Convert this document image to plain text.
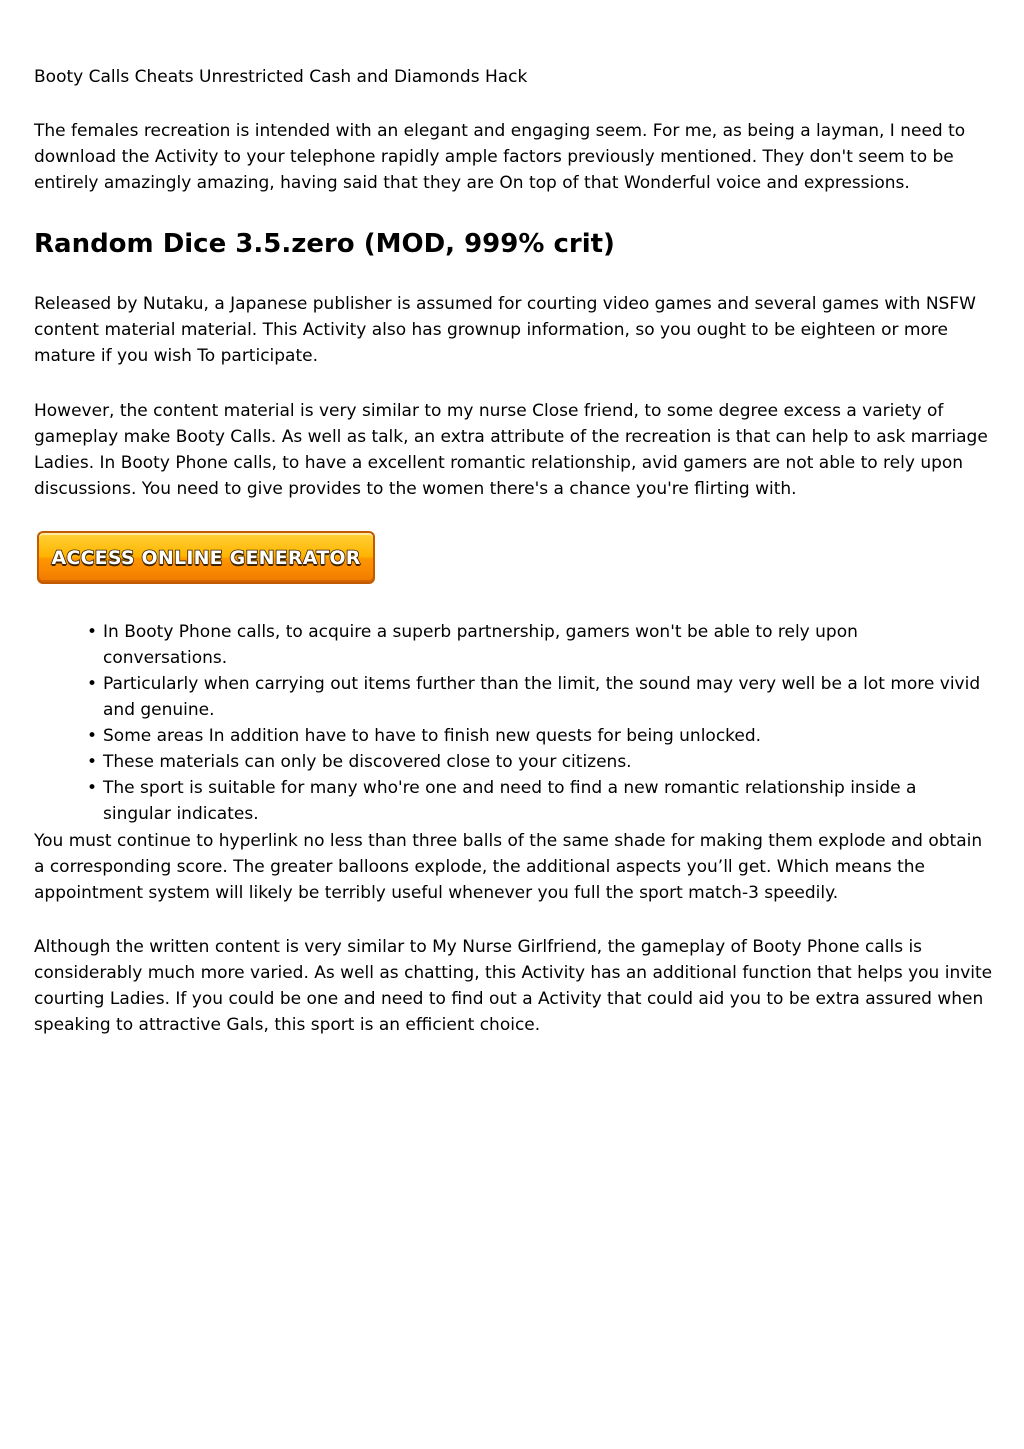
Booty Calls Cheats Unrestricted Cash and Diamonds Hack

The females recreation is intended with an elegant and engaging seem. For me, as being a layman, I need to download the Activity to your telephone rapidly ample factors previously mentioned. They don't seem to be entirely amazingly amazing, having said that they are On top of that Wonderful voice and expressions.

Random Dice 3.5.zero (MOD, 999% crit)

Released by Nutaku, a Japanese publisher is assumed for courting video games and several games with NSFW content material material. This Activity also has grownup information, so you ought to be eighteen or more mature if you wish To participate.

However, the content material is very similar to my nurse Close friend, to some degree excess a variety of gameplay make Booty Calls. As well as talk, an extra attribute of the recreation is that can help to ask marriage Ladies. In Booty Phone calls, to have a excellent romantic relationship, avid gamers are not able to rely upon discussions. You need to give provides to the women there's a chance you're flirting with.

ACCESS ONLINE GENERATOR
• In Booty Phone calls, to acquire a superb partnership, gamers won't be able to rely upon conversations.
• Particularly when carrying out items further than the limit, the sound may very well be a lot more vivid and genuine.
• Some areas In addition have to have to finish new quests for being unlocked.
• These materials can only be discovered close to your citizens.
• The sport is suitable for many who're one and need to find a new romantic relationship inside a singular indicates.

You must continue to hyperlink no less than three balls of the same shade for making them explode and obtain a corresponding score. The greater balloons explode, the additional aspects you’ll get. Which means the appointment system will likely be terribly useful whenever you full the sport match-3 speedily.

Although the written content is very similar to My Nurse Girlfriend, the gameplay of Booty Phone calls is considerably much more varied. As well as chatting, this Activity has an additional function that helps you invite courting Ladies. If you could be one and need to find out a Activity that could aid you to be extra assured when speaking to attractive Gals, this sport is an efficient choice.
